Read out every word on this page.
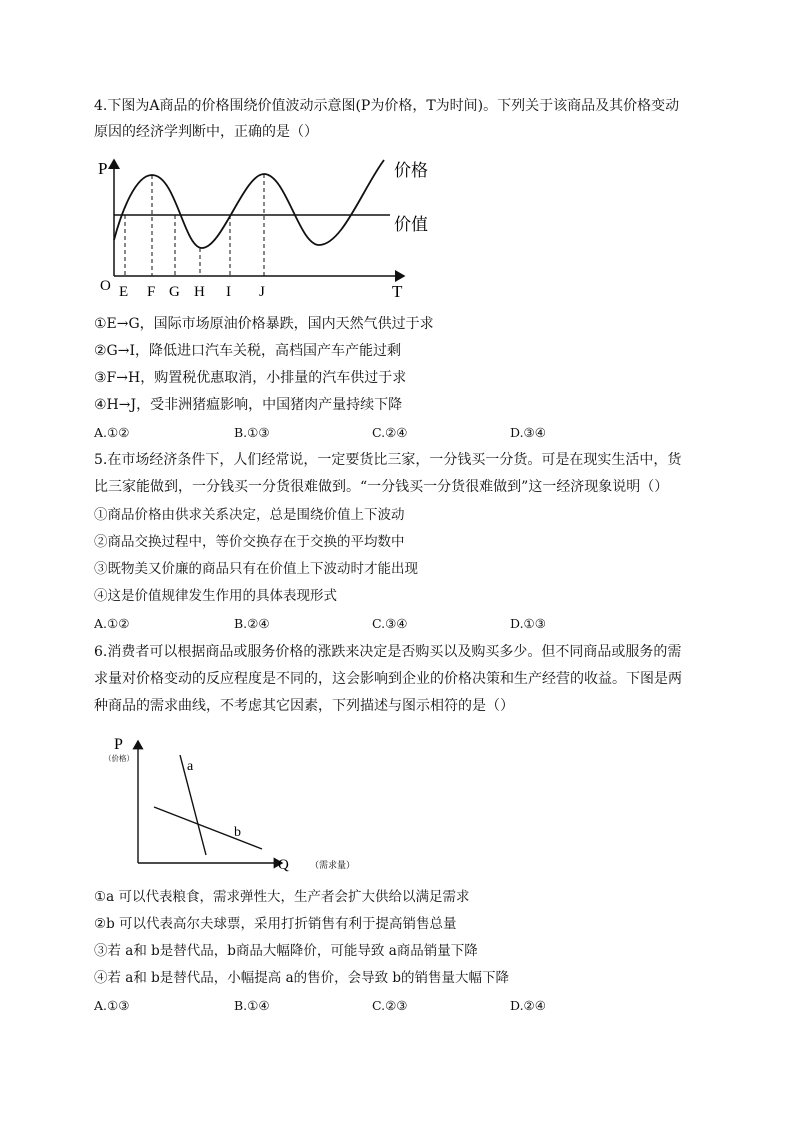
4.下图为A商品的价格围绕价值波动示意图(P为价格，T为时间)。下列关于该商品及其价格变动
原因的经济学判断中，正确的是（）
P
O	T
价格
价值
E F G H I J
①E→G，国际市场原油价格暴跌，国内天然气供过于求
②G→I，降低进口汽车关税，高档国产车产能过剩
③F→H，购置税优惠取消，小排量的汽车供过于求
④H→J，受非洲猪瘟影响，中国猪肉产量持续下降
A.①②	B.①③	C.②④	D.③④
5.在市场经济条件下，人们经常说，一定要货比三家，一分钱买一分货。可是在现实生活中，货
比三家能做到，一分钱买一分货很难做到。“一分钱买一分货很难做到”这一经济现象说明（）
①商品价格由供求关系决定，总是围绕价值上下波动
②商品交换过程中，等价交换存在于交换的平均数中
③既物美又价廉的商品只有在价值上下波动时才能出现
④这是价值规律发生作用的具体表现形式
A.①②	B.②④	C.③④	D.①③
6.消费者可以根据商品或服务价格的涨跌来决定是否购买以及购买多少。但不同商品或服务的需
求量对价格变动的反应程度是不同的，这会影响到企业的价格决策和生产经营的收益。下图是两
种商品的需求曲线，不考虑其它因素，下列描述与图示相符的是（）
P
（价格）
Q （需求量）
a
b
①a 可以代表粮食，需求弹性大，生产者会扩大供给以满足需求
②b 可以代表高尔夫球票，采用打折销售有利于提高销售总量
③若 a和 b是替代品，b商品大幅降价，可能导致 a商品销量下降
④若 a和 b是替代品，小幅提高 a的售价，会导致 b的销售量大幅下降
A.①③	B.①④	C.②③	D.②④
